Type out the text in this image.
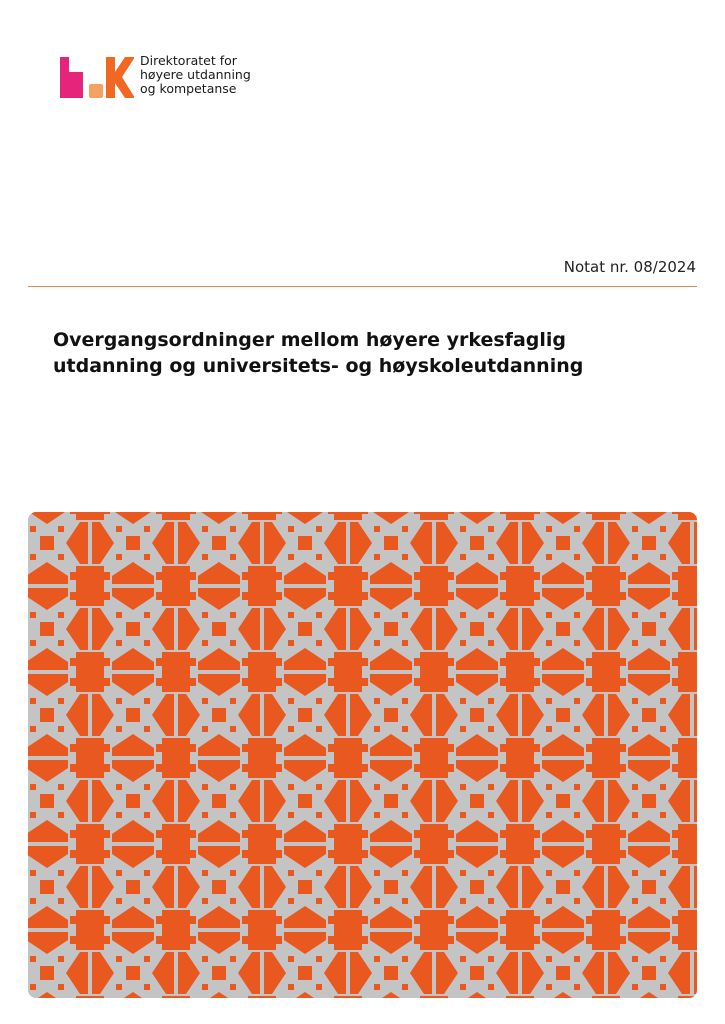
Direktoratet for
høyere utdanning
og kompetanse
Notat nr. 08/2024
Overgangsordninger mellom høyere yrkesfaglig
utdanning og universitets- og høyskoleutdanning
